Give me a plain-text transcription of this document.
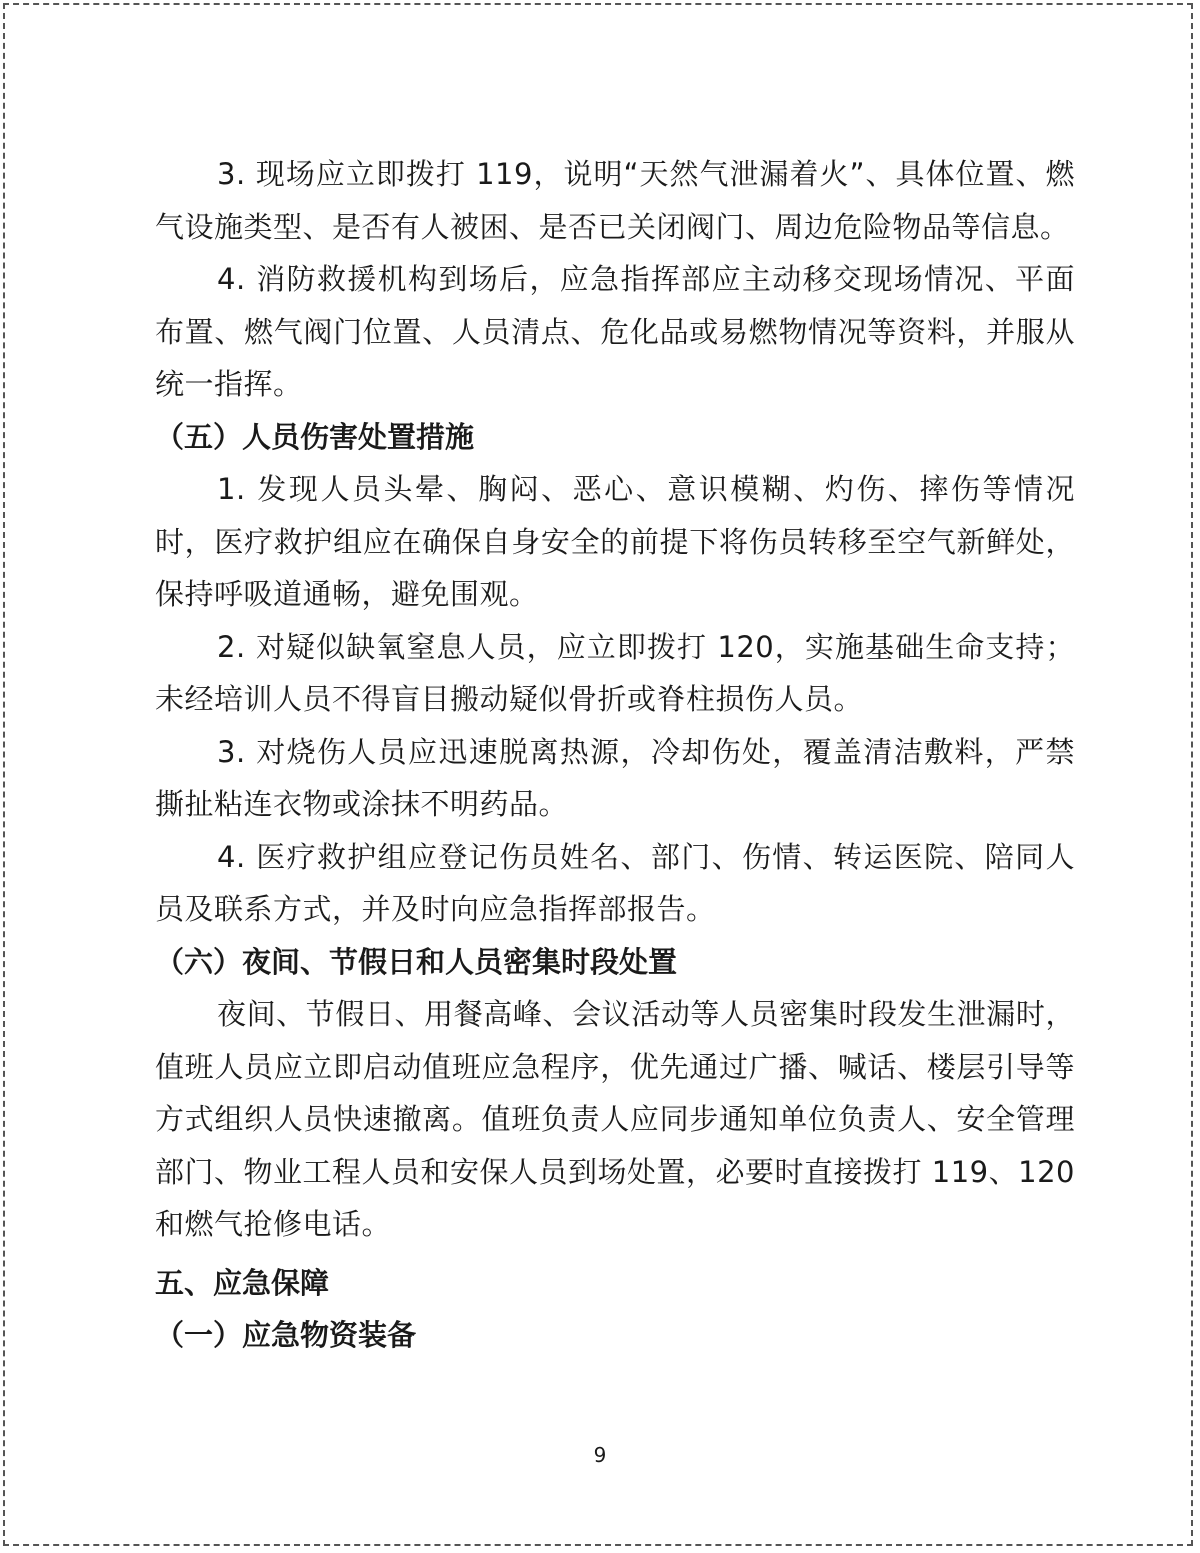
3. 现场应立即拨打 119，说明“天然气泄漏着火”、具体位置、燃气设施类型、是否有人被困、是否已关闭阀门、周边危险物品等信息。

4. 消防救援机构到场后，应急指挥部应主动移交现场情况、平面布置、燃气阀门位置、人员清点、危化品或易燃物情况等资料，并服从统一指挥。

（五）人员伤害处置措施

1. 发现人员头晕、胸闷、恶心、意识模糊、灼伤、摔伤等情况时，医疗救护组应在确保自身安全的前提下将伤员转移至空气新鲜处，保持呼吸道通畅，避免围观。

2. 对疑似缺氧窒息人员，应立即拨打 120，实施基础生命支持；未经培训人员不得盲目搬动疑似骨折或脊柱损伤人员。

3. 对烧伤人员应迅速脱离热源，冷却伤处，覆盖清洁敷料，严禁撕扯粘连衣物或涂抹不明药品。

4. 医疗救护组应登记伤员姓名、部门、伤情、转运医院、陪同人员及联系方式，并及时向应急指挥部报告。

（六）夜间、节假日和人员密集时段处置

夜间、节假日、用餐高峰、会议活动等人员密集时段发生泄漏时，值班人员应立即启动值班应急程序，优先通过广播、喊话、楼层引导等方式组织人员快速撤离。值班负责人应同步通知单位负责人、安全管理部门、物业工程人员和安保人员到场处置，必要时直接拨打 119、120 和燃气抢修电话。

五、应急保障

（一）应急物资装备

9
